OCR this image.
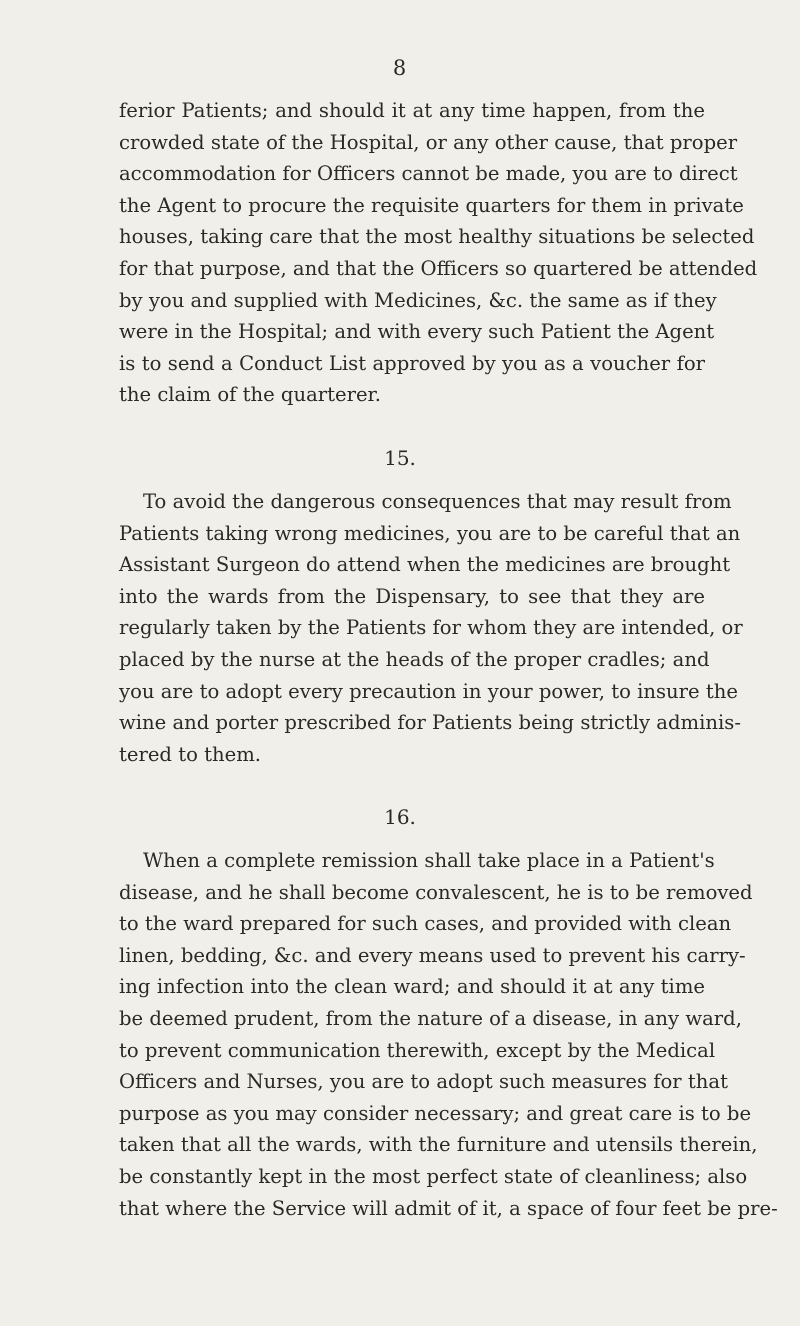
8
ferior Patients; and should it at any time happen, from the
crowded state of the Hospital, or any other cause, that proper
accommodation for Officers cannot be made, you are to direct
the Agent to procure the requisite quarters for them in private
houses, taking care that the most healthy situations be selected
for that purpose, and that the Officers so quartered be attended
by you and supplied with Medicines, &c. the same as if they
were in the Hospital; and with every such Patient the Agent
is to send a Conduct List approved by you as a voucher for
the claim of the quarterer.
15.
To avoid the dangerous consequences that may result from
Patients taking wrong medicines, you are to be careful that an
Assistant Surgeon do attend when the medicines are brought
into the wards from the Dispensary, to see that they are
regularly taken by the Patients for whom they are intended, or
placed by the nurse at the heads of the proper cradles; and
you are to adopt every precaution in your power, to insure the
wine and porter prescribed for Patients being strictly adminis-
tered to them.
16.
When a complete remission shall take place in a Patient's
disease, and he shall become convalescent, he is to be removed
to the ward prepared for such cases, and provided with clean
linen, bedding, &c. and every means used to prevent his carry-
ing infection into the clean ward; and should it at any time
be deemed prudent, from the nature of a disease, in any ward,
to prevent communication therewith, except by the Medical
Officers and Nurses, you are to adopt such measures for that
purpose as you may consider necessary; and great care is to be
taken that all the wards, with the furniture and utensils therein,
be constantly kept in the most perfect state of cleanliness; also
that where the Service will admit of it, a space of four feet be pre-
